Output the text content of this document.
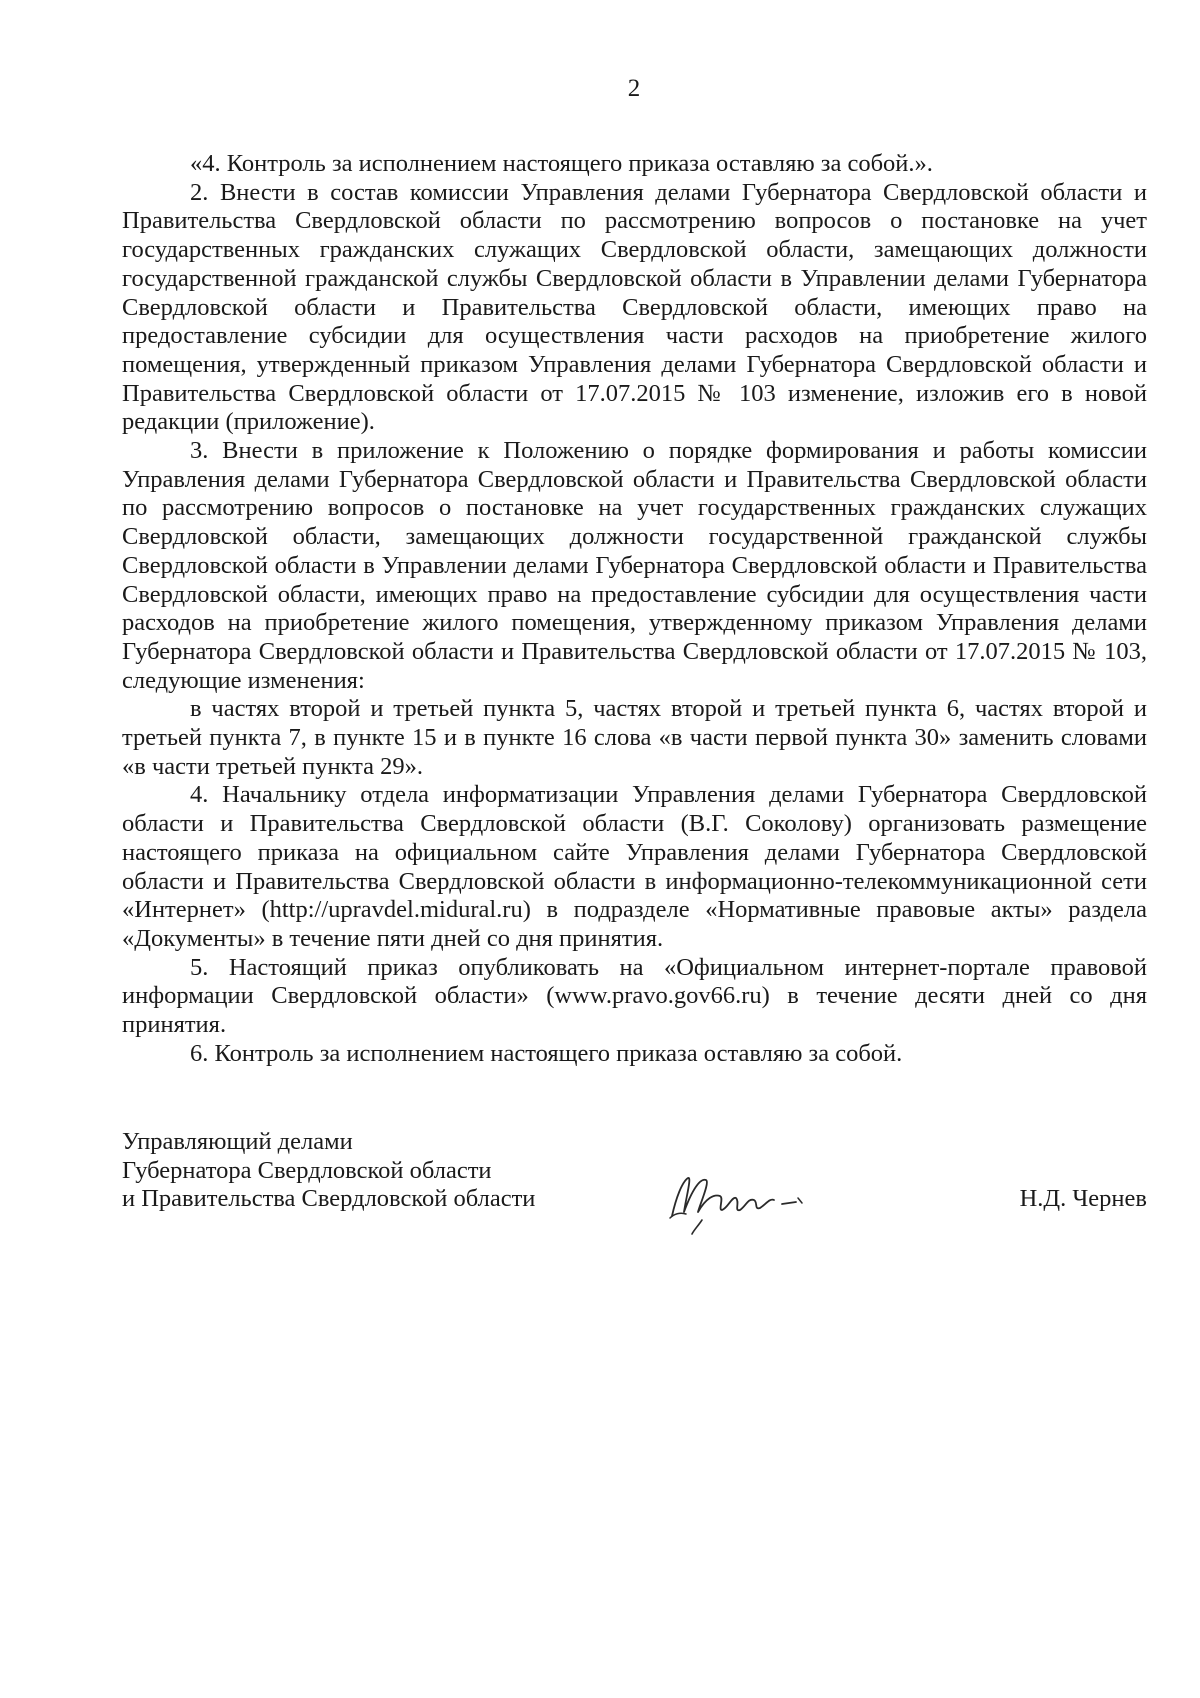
2

«4. Контроль за исполнением настоящего приказа оставляю за собой.».

2. Внести в состав комиссии Управления делами Губернатора Свердловской области и Правительства Свердловской области по рассмотрению вопросов о постановке на учет государственных гражданских служащих Свердловской области, замещающих должности государственной гражданской службы Свердловской области в Управлении делами Губернатора Свердловской области и Правительства Свердловской области, имеющих право на предоставление субсидии для осуществления части расходов на приобретение жилого помещения, утвержденный приказом Управления делами Губернатора Свердловской области и Правительства Свердловской области от 17.07.2015 № 103 изменение, изложив его в новой редакции (приложение).

3. Внести в приложение к Положению о порядке формирования и работы комиссии Управления делами Губернатора Свердловской области и Правительства Свердловской области по рассмотрению вопросов о постановке на учет государственных гражданских служащих Свердловской области, замещающих должности государственной гражданской службы Свердловской области в Управлении делами Губернатора Свердловской области и Правительства Свердловской области, имеющих право на предоставление субсидии для осуществления части расходов на приобретение жилого помещения, утвержденному приказом Управления делами Губернатора Свердловской области и Правительства Свердловской области от 17.07.2015 № 103, следующие изменения:

в частях второй и третьей пункта 5, частях второй и третьей пункта 6, частях второй и третьей пункта 7, в пункте 15 и в пункте 16 слова «в части первой пункта 30» заменить словами «в части третьей пункта 29».

4. Начальнику отдела информатизации Управления делами Губернатора Свердловской области и Правительства Свердловской области (В.Г. Соколову) организовать размещение настоящего приказа на официальном сайте Управления делами Губернатора Свердловской области и Правительства Свердловской области в информационно-телекоммуникационной сети «Интернет» (http://upravdel.midural.ru) в подразделе «Нормативные правовые акты» раздела «Документы» в течение пяти дней со дня принятия.

5. Настоящий приказ опубликовать на «Официальном интернет-портале правовой информации Свердловской области» (www.pravo.gov66.ru) в течение десяти дней со дня принятия.

6. Контроль за исполнением настоящего приказа оставляю за собой.

Управляющий делами
Губернатора Свердловской области
и Правительства Свердловской области	Н.Д. Чернев
